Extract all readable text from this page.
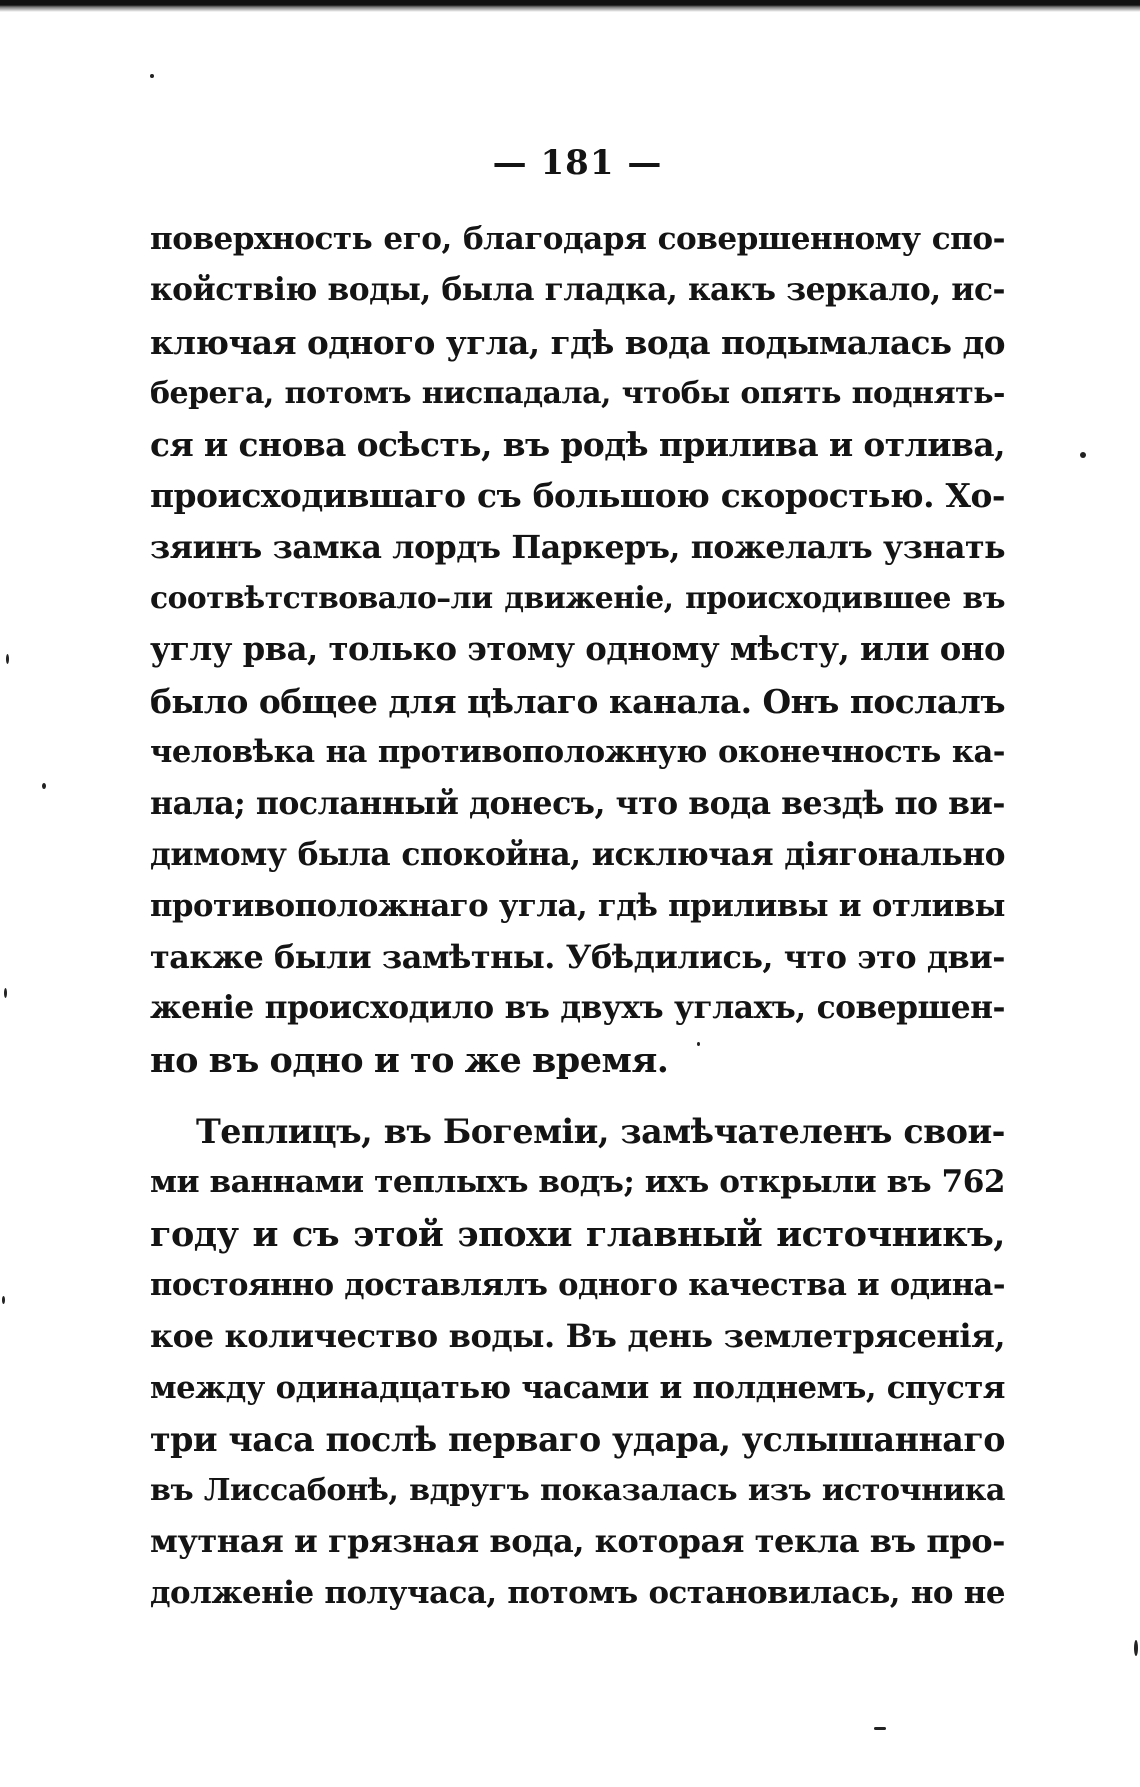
— 181 —
поверхность его, благодаря совершенному спо-
койствію воды, была гладка, какъ зеркало, ис-
ключая одного угла, гдѣ вода подымалась до
берега, потомъ ниспадала, чтобы опять поднять-
ся и снова осѣсть, въ родѣ прилива и отлива,
происходившаго съ большою скоростью. Хо-
зяинъ замка лордъ Паркеръ, пожелалъ узнать
соотвѣтствовало–ли движеніе, происходившее въ
углу рва, только этому одному мѣсту, или оно
было общее для цѣлаго канала. Онъ послалъ
человѣка на противоположную оконечность ка-
нала; посланный донесъ, что вода вездѣ по ви-
димому была спокойна, исключая діягонально
противоположнаго угла, гдѣ приливы и отливы
также были замѣтны. Убѣдились, что это дви-
женіе происходило въ двухъ углахъ, совершен-
но въ одно и то же время.
Теплицъ, въ Богеміи, замѣчателенъ свои-
ми ваннами теплыхъ водъ; ихъ открыли въ 762
году и съ этой эпохи главный источникъ,
постоянно доставлялъ одного качества и одина-
кое количество воды. Въ день землетрясенія,
между одинадцатью часами и полднемъ, спустя
три часа послѣ перваго удара, услышаннаго
въ Лиссабонѣ, вдругъ показалась изъ источника
мутная и грязная вода, которая текла въ про-
долженіе получаса, потомъ остановилась, но не
